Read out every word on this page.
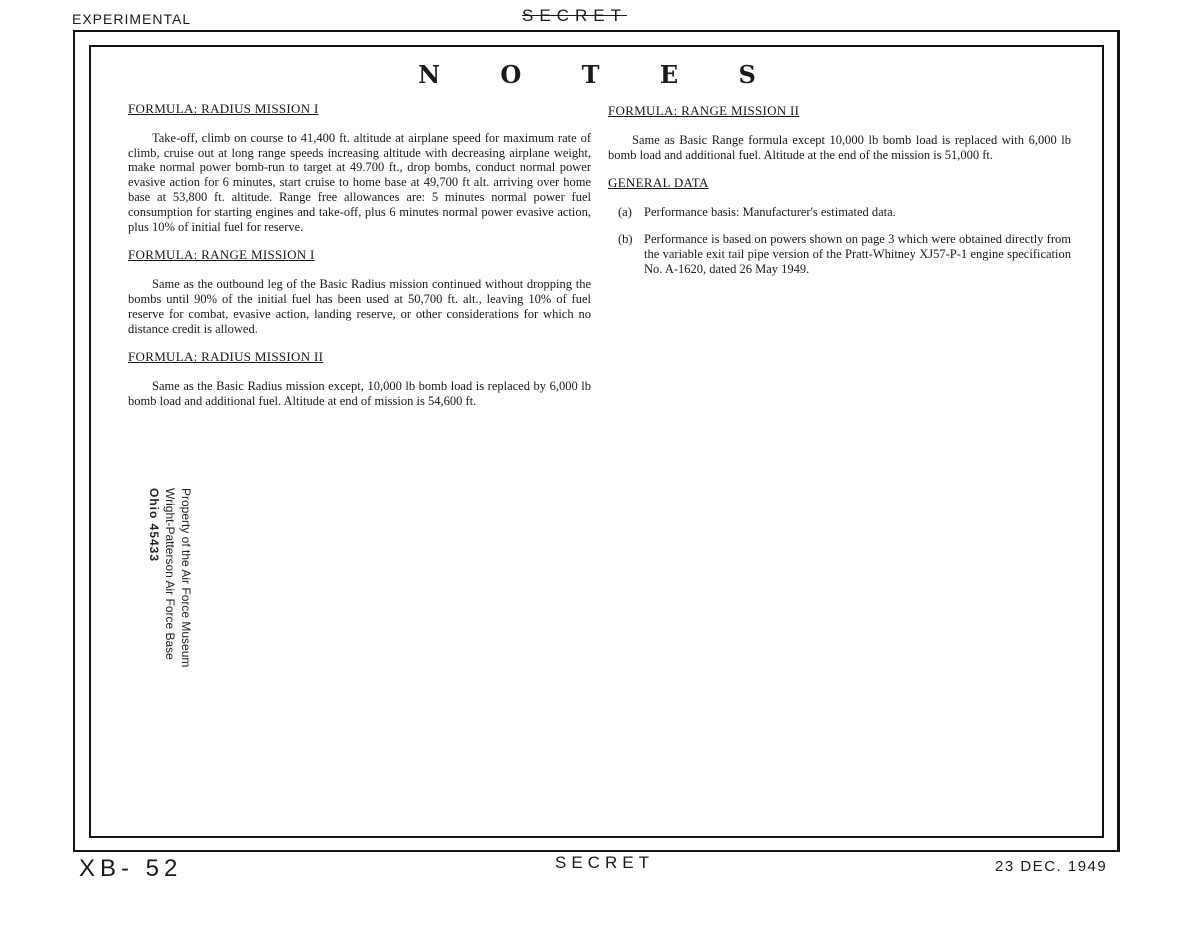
EXPERIMENTAL	SECRET
N O T E S

FORMULA: RADIUS MISSION I

Take-off, climb on course to 41,400 ft. altitude at airplane speed for maximum rate of climb, cruise out at long range speeds increasing altitude with decreasing airplane weight, make normal power bomb-run to target at 49.700 ft., drop bombs, conduct normal power evasive action for 6 minutes, start cruise to home base at 49,700 ft alt. arriving over home base at 53,800 ft. altitude. Range free allowances are: 5 minutes normal power fuel consumption for starting engines and take-off, plus 6 minutes normal power evasive action, plus 10% of initial fuel for reserve.

FORMULA: RANGE MISSION I

Same as the outbound leg of the Basic Radius mission continued without dropping the bombs until 90% of the initial fuel has been used at 50,700 ft. alt., leaving 10% of fuel reserve for combat, evasive action, landing reserve, or other considerations for which no distance credit is allowed.

FORMULA: RADIUS MISSION II

Same as the Basic Radius mission except, 10,000 lb bomb load is replaced by 6,000 lb bomb load and additional fuel. Altitude at end of mission is 54,600 ft.

FORMULA: RANGE MISSION II

Same as Basic Range formula except 10,000 lb bomb load is replaced with 6,000 lb bomb load and additional fuel. Altitude at the end of the mission is 51,000 ft.

GENERAL DATA

(a) Performance basis: Manufacturer's estimated data.
(b) Performance is based on powers shown on page 3 which were obtained directly from the variable exit tail pipe version of the Pratt-Whitney XJ57-P-1 engine specification No. A-1620, dated 26 May 1949.
Property of the Air Force Museum
Wright-Patterson Air Force Base
Ohio 45433
XB- 52	SECRET	23 DEC. 1949
